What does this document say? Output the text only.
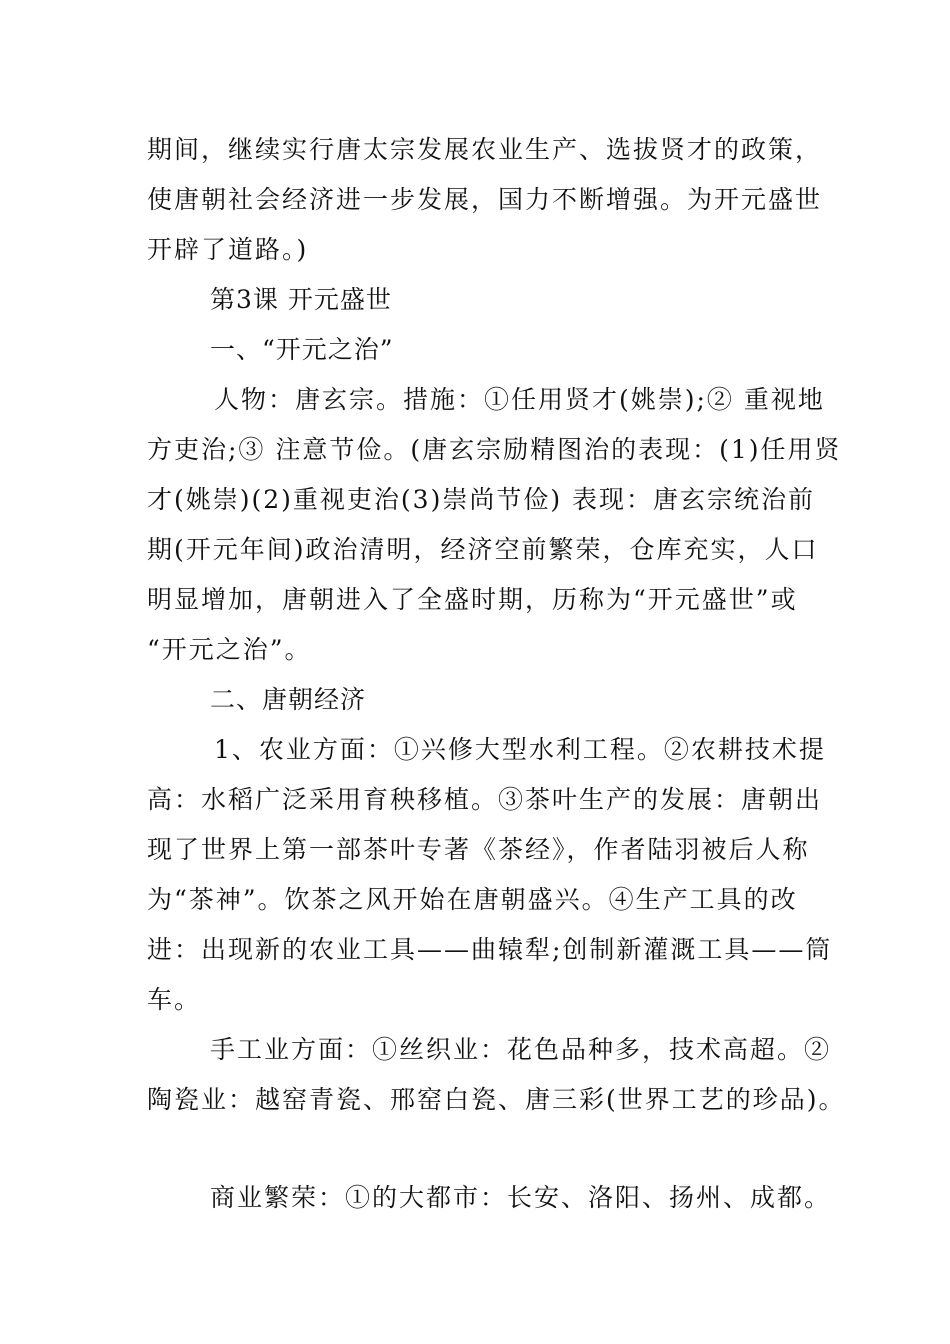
期间，继续实行唐太宗发展农业生产、选拔贤才的政策，
使唐朝社会经济进一步发展，国力不断增强。为开元盛世
开辟了道路。)
第3课 开元盛世
一、“开元之治”
人物：唐玄宗。措施：①任用贤才(姚崇);② 重视地
方吏治;③ 注意节俭。(唐玄宗励精图治的表现：(1)任用贤
才(姚崇)(2)重视吏治(3)崇尚节俭) 表现：唐玄宗统治前
期(开元年间)政治清明，经济空前繁荣，仓库充实，人口
明显增加，唐朝进入了全盛时期，历称为“开元盛世”或
“开元之治”。
二、唐朝经济
1、农业方面：①兴修大型水利工程。②农耕技术提
高：水稻广泛采用育秧移植。③茶叶生产的发展：唐朝出
现了世界上第一部茶叶专著《茶经》，作者陆羽被后人称
为“茶神”。饮茶之风开始在唐朝盛兴。④生产工具的改
进：出现新的农业工具——曲辕犁;创制新灌溉工具——筒
车。
手工业方面：①丝织业：花色品种多，技术高超。②
陶瓷业：越窑青瓷、邢窑白瓷、唐三彩(世界工艺的珍品)。
商业繁荣：①的大都市：长安、洛阳、扬州、成都。
